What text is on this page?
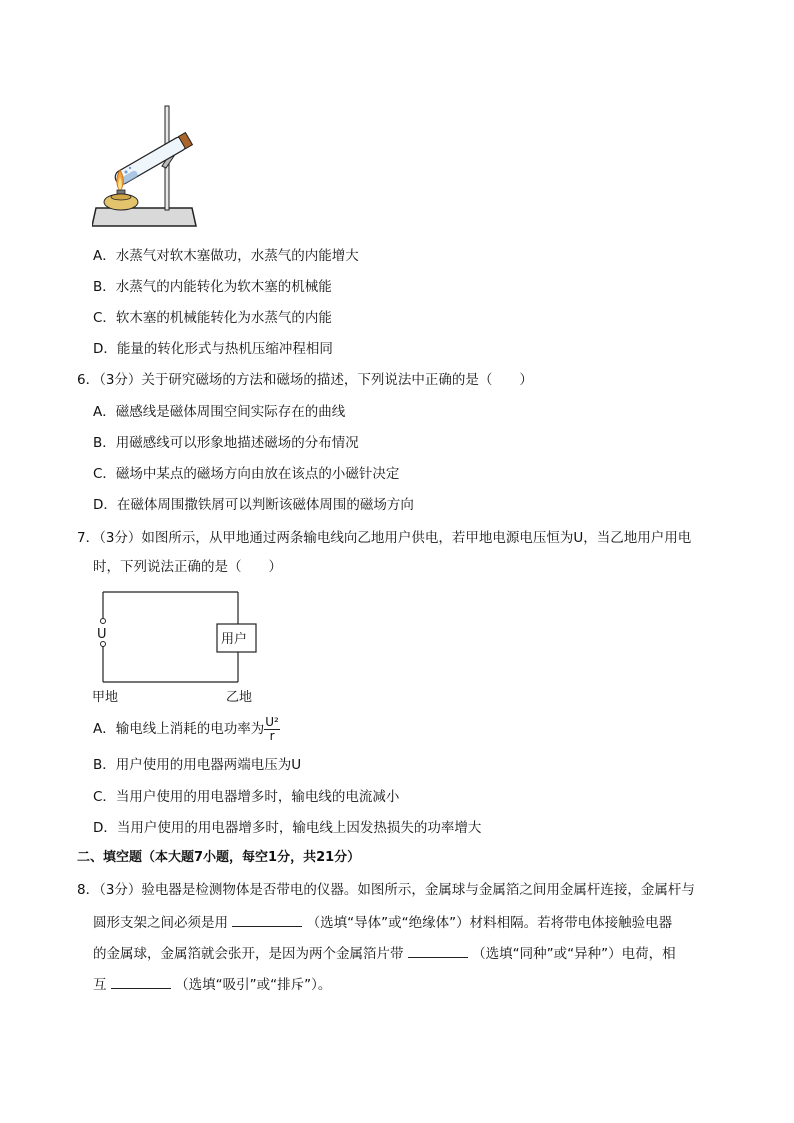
A．水蒸气对软木塞做功，水蒸气的内能增大
B．水蒸气的内能转化为软木塞的机械能
C．软木塞的机械能转化为水蒸气的内能
D．能量的转化形式与热机压缩冲程相同
6．（3分）关于研究磁场的方法和磁场的描述，下列说法中正确的是（　　）
A．磁感线是磁体周围空间实际存在的曲线
B．用磁感线可以形象地描述磁场的分布情况
C．磁场中某点的磁场方向由放在该点的小磁针决定
D．在磁体周围撒铁屑可以判断该磁体周围的磁场方向
7．（3分）如图所示，从甲地通过两条输电线向乙地用户供电，若甲地电源电压恒为U，当乙地用户用电
时，下列说法正确的是（　　）
U	用户
甲地	乙地
A．输电线上消耗的电功率为 $\frac{\text{U²}}{r}$
B．用户使用的用电器两端电压为U
C．当用户使用的用电器增多时，输电线的电流减小
D．当用户使用的用电器增多时，输电线上因发热损失的功率增大
二、填空题（本大题7小题，每空1分，共21分）
8．（3分）验电器是检测物体是否带电的仪器。如图所示，金属球与金属箔之间用金属杆连接，金属杆与
圆形支架之间必须是用	（选填“导体”或“绝缘体”）材料相隔。若将带电体接触验电器
的金属球，金属箔就会张开，是因为两个金属箔片带	（选填“同种”或“异种”）电荷，相
互	（选填“吸引”或“排斥”）。
